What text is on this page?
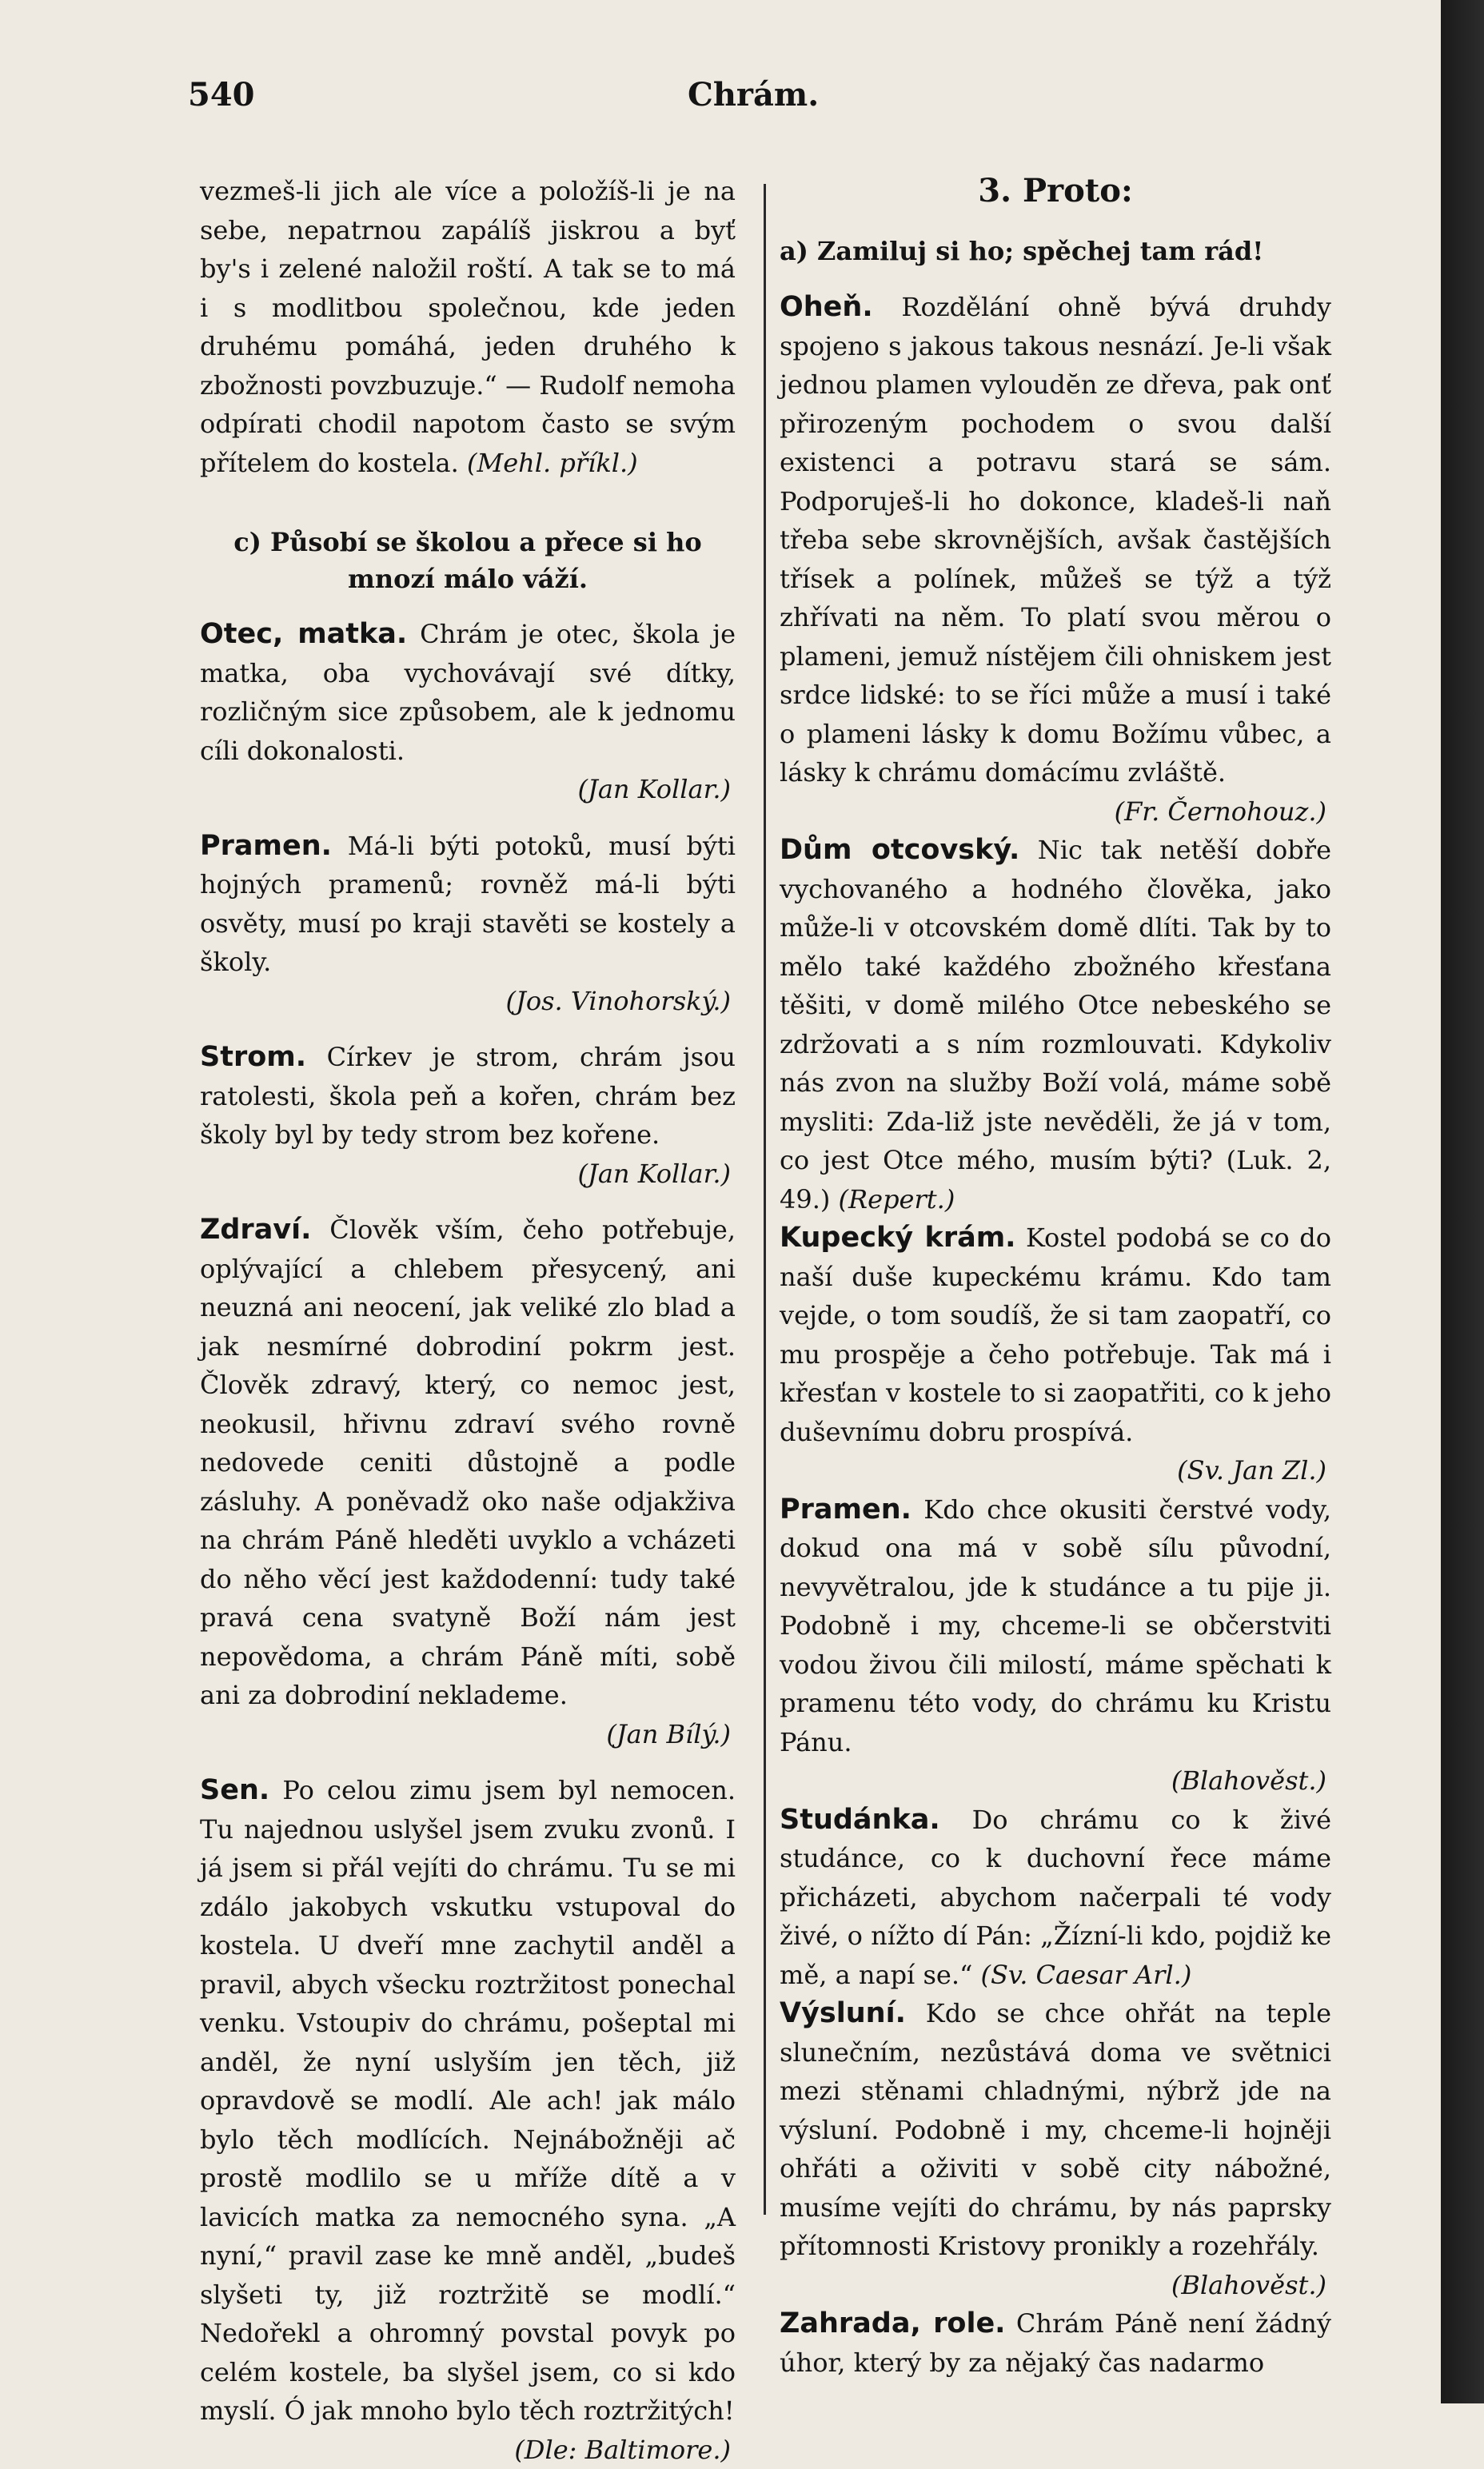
540	Chrám.

vezmeš-li jich ale více a položíš-li je na sebe, nepatrnou zapálíš jiskrou a byť by's i zelené naložil roští. A tak se to má i s modlitbou společnou, kde jeden druhému pomáhá, jeden druhého k zbožnosti povzbuzuje.“ — Rudolf nemoha odpírati chodil napotom často se svým přítelem do kostela. (Mehl. příkl.)

c) Působí se školou a přece si ho mnozí málo váží.

Otec, matka. Chrám je otec, škola je matka, oba vychovávají své dítky, rozličným sice způsobem, ale k jednomu cíli dokonalosti.
(Jan Kollar.)

Pramen. Má-li býti potoků, musí býti hojných pramenů; rovněž má-li býti osvěty, musí po kraji stavěti se kostely a školy.
(Jos. Vinohorský.)

Strom. Církev je strom, chrám jsou ratolesti, škola peň a kořen, chrám bez školy byl by tedy strom bez kořene.
(Jan Kollar.)

Zdraví. Člověk vším, čeho potřebuje, oplývající a chlebem přesycený, ani neuzná ani neocení, jak veliké zlo blad a jak nesmírné dobrodiní pokrm jest. Člověk zdravý, který, co nemoc jest, neokusil, hřivnu zdraví svého rovně nedovede ceniti důstojně a podle zásluhy. A poněvadž oko naše odjakživa na chrám Páně hleděti uvyklo a vcházeti do něho věcí jest každodenní: tudy také pravá cena svatyně Boží nám jest nepovědoma, a chrám Páně míti, sobě ani za dobrodiní neklademe.
(Jan Bílý.)

Sen. Po celou zimu jsem byl nemocen. Tu najednou uslyšel jsem zvuku zvonů. I já jsem si přál vejíti do chrámu. Tu se mi zdálo jakobych vskutku vstupoval do kostela. U dveří mne zachytil anděl a pravil, abych všecku roztržitost ponechal venku. Vstoupiv do chrámu, pošeptal mi anděl, že nyní uslyším jen těch, již opravdově se modlí. Ale ach! jak málo bylo těch modlících. Nejnábožněji ač prostě modlilo se u mříže dítě a v lavicích matka za nemocného syna. „A nyní,“ pravil zase ke mně anděl, „budeš slyšeti ty, již roztržitě se modlí.“ Nedořekl a ohromný povstal povyk po celém kostele, ba slyšel jsem, co si kdo myslí. Ó jak mnoho bylo těch roztržitých!
(Dle: Baltimore.)

3. Proto:
a) Zamiluj si ho; spěchej tam rád!

Oheň. Rozdělání ohně bývá druhdy spojeno s jakous takous nesnází. Je-li však jednou plamen vyloudĕn ze dřeva, pak onť přirozeným pochodem o svou další existenci a potravu stará se sám. Podporuješ-li ho dokonce, kladeš-li naň třeba sebe skrovnějších, avšak častějších třísek a polínek, můžeš se týž a týž zhřívati na něm. To platí svou měrou o plameni, jemuž nístějem čili ohniskem jest srdce lidské: to se říci může a musí i také o plameni lásky k domu Božímu vůbec, a lásky k chrámu domácímu zvláště.
(Fr. Černohouz.)

Dům otcovský. Nic tak netěší dobře vychovaného a hodného člověka, jako může-li v otcovském domě dlíti. Tak by to mělo také každého zbožného křesťana těšiti, v domě milého Otce nebeského se zdržovati a s ním rozmlouvati. Kdykoliv nás zvon na služby Boží volá, máme sobě mysliti: Zda-liž jste nevěděli, že já v tom, co jest Otce mého, musím býti? (Luk. 2, 49.) (Repert.)

Kupecký krám. Kostel podobá se co do naší duše kupeckému krámu. Kdo tam vejde, o tom soudíš, že si tam zaopatří, co mu prospěje a čeho potřebuje. Tak má i křesťan v kostele to si zaopatřiti, co k jeho duševnímu dobru prospívá.
(Sv. Jan Zl.)

Pramen. Kdo chce okusiti čerstvé vody, dokud ona má v sobě sílu původní, nevyvětralou, jde k studánce a tu pije ji. Podobně i my, chceme-li se občerstviti vodou živou čili milostí, máme spěchati k pramenu této vody, do chrámu ku Kristu Pánu.
(Blahověst.)

Studánka. Do chrámu co k živé studánce, co k duchovní řece máme přicházeti, abychom načerpali té vody živé, o nížto dí Pán: „Žízní-li kdo, pojdiž ke mě, a napí se.“ (Sv. Caesar Arl.)

Výsluní. Kdo se chce ohřát na teple slunečním, nezůstává doma ve světnici mezi stěnami chladnými, nýbrž jde na výsluní. Podobně i my, chceme-li hojněji ohřáti a oživiti v sobě city nábožné, musíme vejíti do chrámu, by nás paprsky přítomnosti Kristovy pronikly a rozehřály.
(Blahověst.)

Zahrada, role. Chrám Páně není žádný úhor, který by za nějaký čas nadarmo
